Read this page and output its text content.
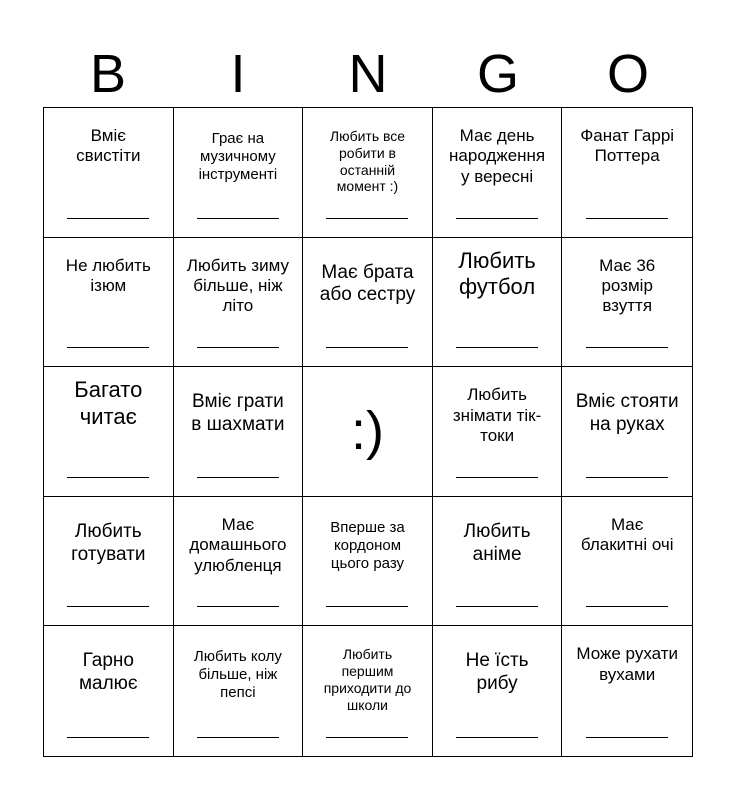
B	I	N	G	O
Вміє
свистіти
Грає на
музичному
інструменті
Любить все
робити в
останній
момент :)
Має день
народження
у вересні
Фанат Гаррі
Поттера
Не любить
ізюм
Любить зиму
більше, ніж
літо
Має брата
або сестру
Любить
футбол
Має 36
розмір
взуття
Багато
читає
Вміє грати
в шахмати :)
Любить
знімати тік-
токи
Вміє стояти
на руках
Любить
готувати
Має
домашнього
улюбленця
Вперше за
кордоном
цього разу
Любить
аніме
Має
блакитні очі
Гарно
малює
Любить колу
більше, ніж
пепсі
Любить
першим
приходити до
школи
Не їсть
рибу
Може рухати
вухами
